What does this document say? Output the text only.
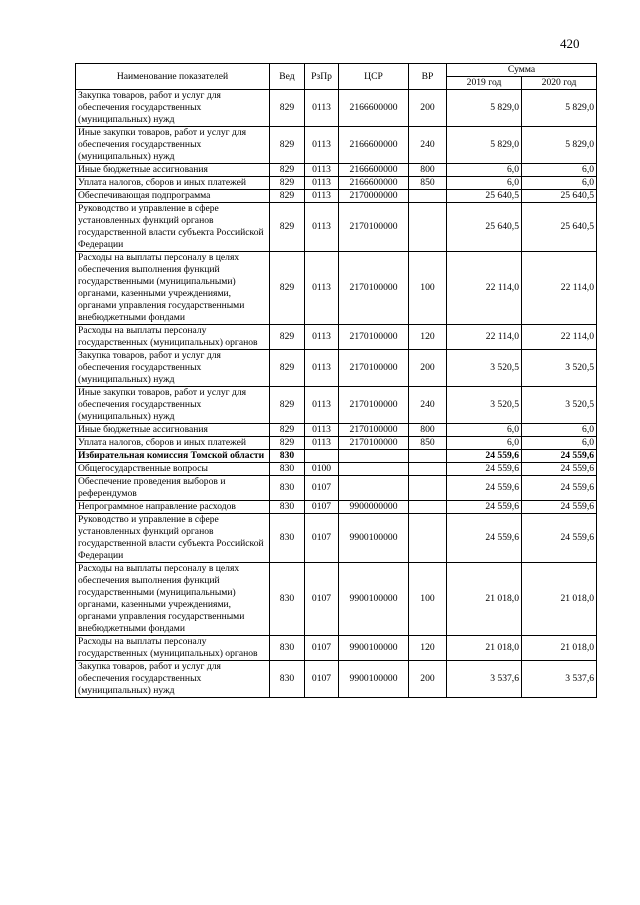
420
Наименование показателей	Вед	РзПр	ЦСР	ВР	Сумма	
					2019 год	2020 год
Закупка товаров, работ и услуг для обеспечения государственных (муниципальных) нужд	829	0113	2166600000	200	5 829,0	5 829,0
Иные закупки товаров, работ и услуг для обеспечения государственных (муниципальных) нужд	829	0113	2166600000	240	5 829,0	5 829,0
Иные бюджетные ассигнования	829	0113	2166600000	800	6,0	6,0
Уплата налогов, сборов и иных платежей	829	0113	2166600000	850	6,0	6,0
Обеспечивающая подпрограмма	829	0113	2170000000		25 640,5	25 640,5
Руководство и управление в сфере установленных функций органов государственной власти субъекта Российской Федерации	829	0113	2170100000		25 640,5	25 640,5
Расходы на выплаты персоналу в целях обеспечения выполнения функций государственными (муниципальными) органами, казенными учреждениями, органами управления государственными внебюджетными фондами	829	0113	2170100000	100	22 114,0	22 114,0
Расходы на выплаты персоналу государственных (муниципальных) органов	829	0113	2170100000	120	22 114,0	22 114,0
Закупка товаров, работ и услуг для обеспечения государственных (муниципальных) нужд	829	0113	2170100000	200	3 520,5	3 520,5
Иные закупки товаров, работ и услуг для обеспечения государственных (муниципальных) нужд	829	0113	2170100000	240	3 520,5	3 520,5
Иные бюджетные ассигнования	829	0113	2170100000	800	6,0	6,0
Уплата налогов, сборов и иных платежей	829	0113	2170100000	850	6,0	6,0
Избирательная комиссия Томской области	830				24 559,6	24 559,6
Общегосударственные вопросы	830	0100			24 559,6	24 559,6
Обеспечение проведения выборов и референдумов	830	0107			24 559,6	24 559,6
Непрограммное направление расходов	830	0107	9900000000		24 559,6	24 559,6
Руководство и управление в сфере установленных функций органов государственной власти субъекта Российской Федерации	830	0107	9900100000		24 559,6	24 559,6
Расходы на выплаты персоналу в целях обеспечения выполнения функций государственными (муниципальными) органами, казенными учреждениями, органами управления государственными внебюджетными фондами	830	0107	9900100000	100	21 018,0	21 018,0
Расходы на выплаты персоналу государственных (муниципальных) органов	830	0107	9900100000	120	21 018,0	21 018,0
Закупка товаров, работ и услуг для обеспечения государственных (муниципальных) нужд	830	0107	9900100000	200	3 537,6	3 537,6
